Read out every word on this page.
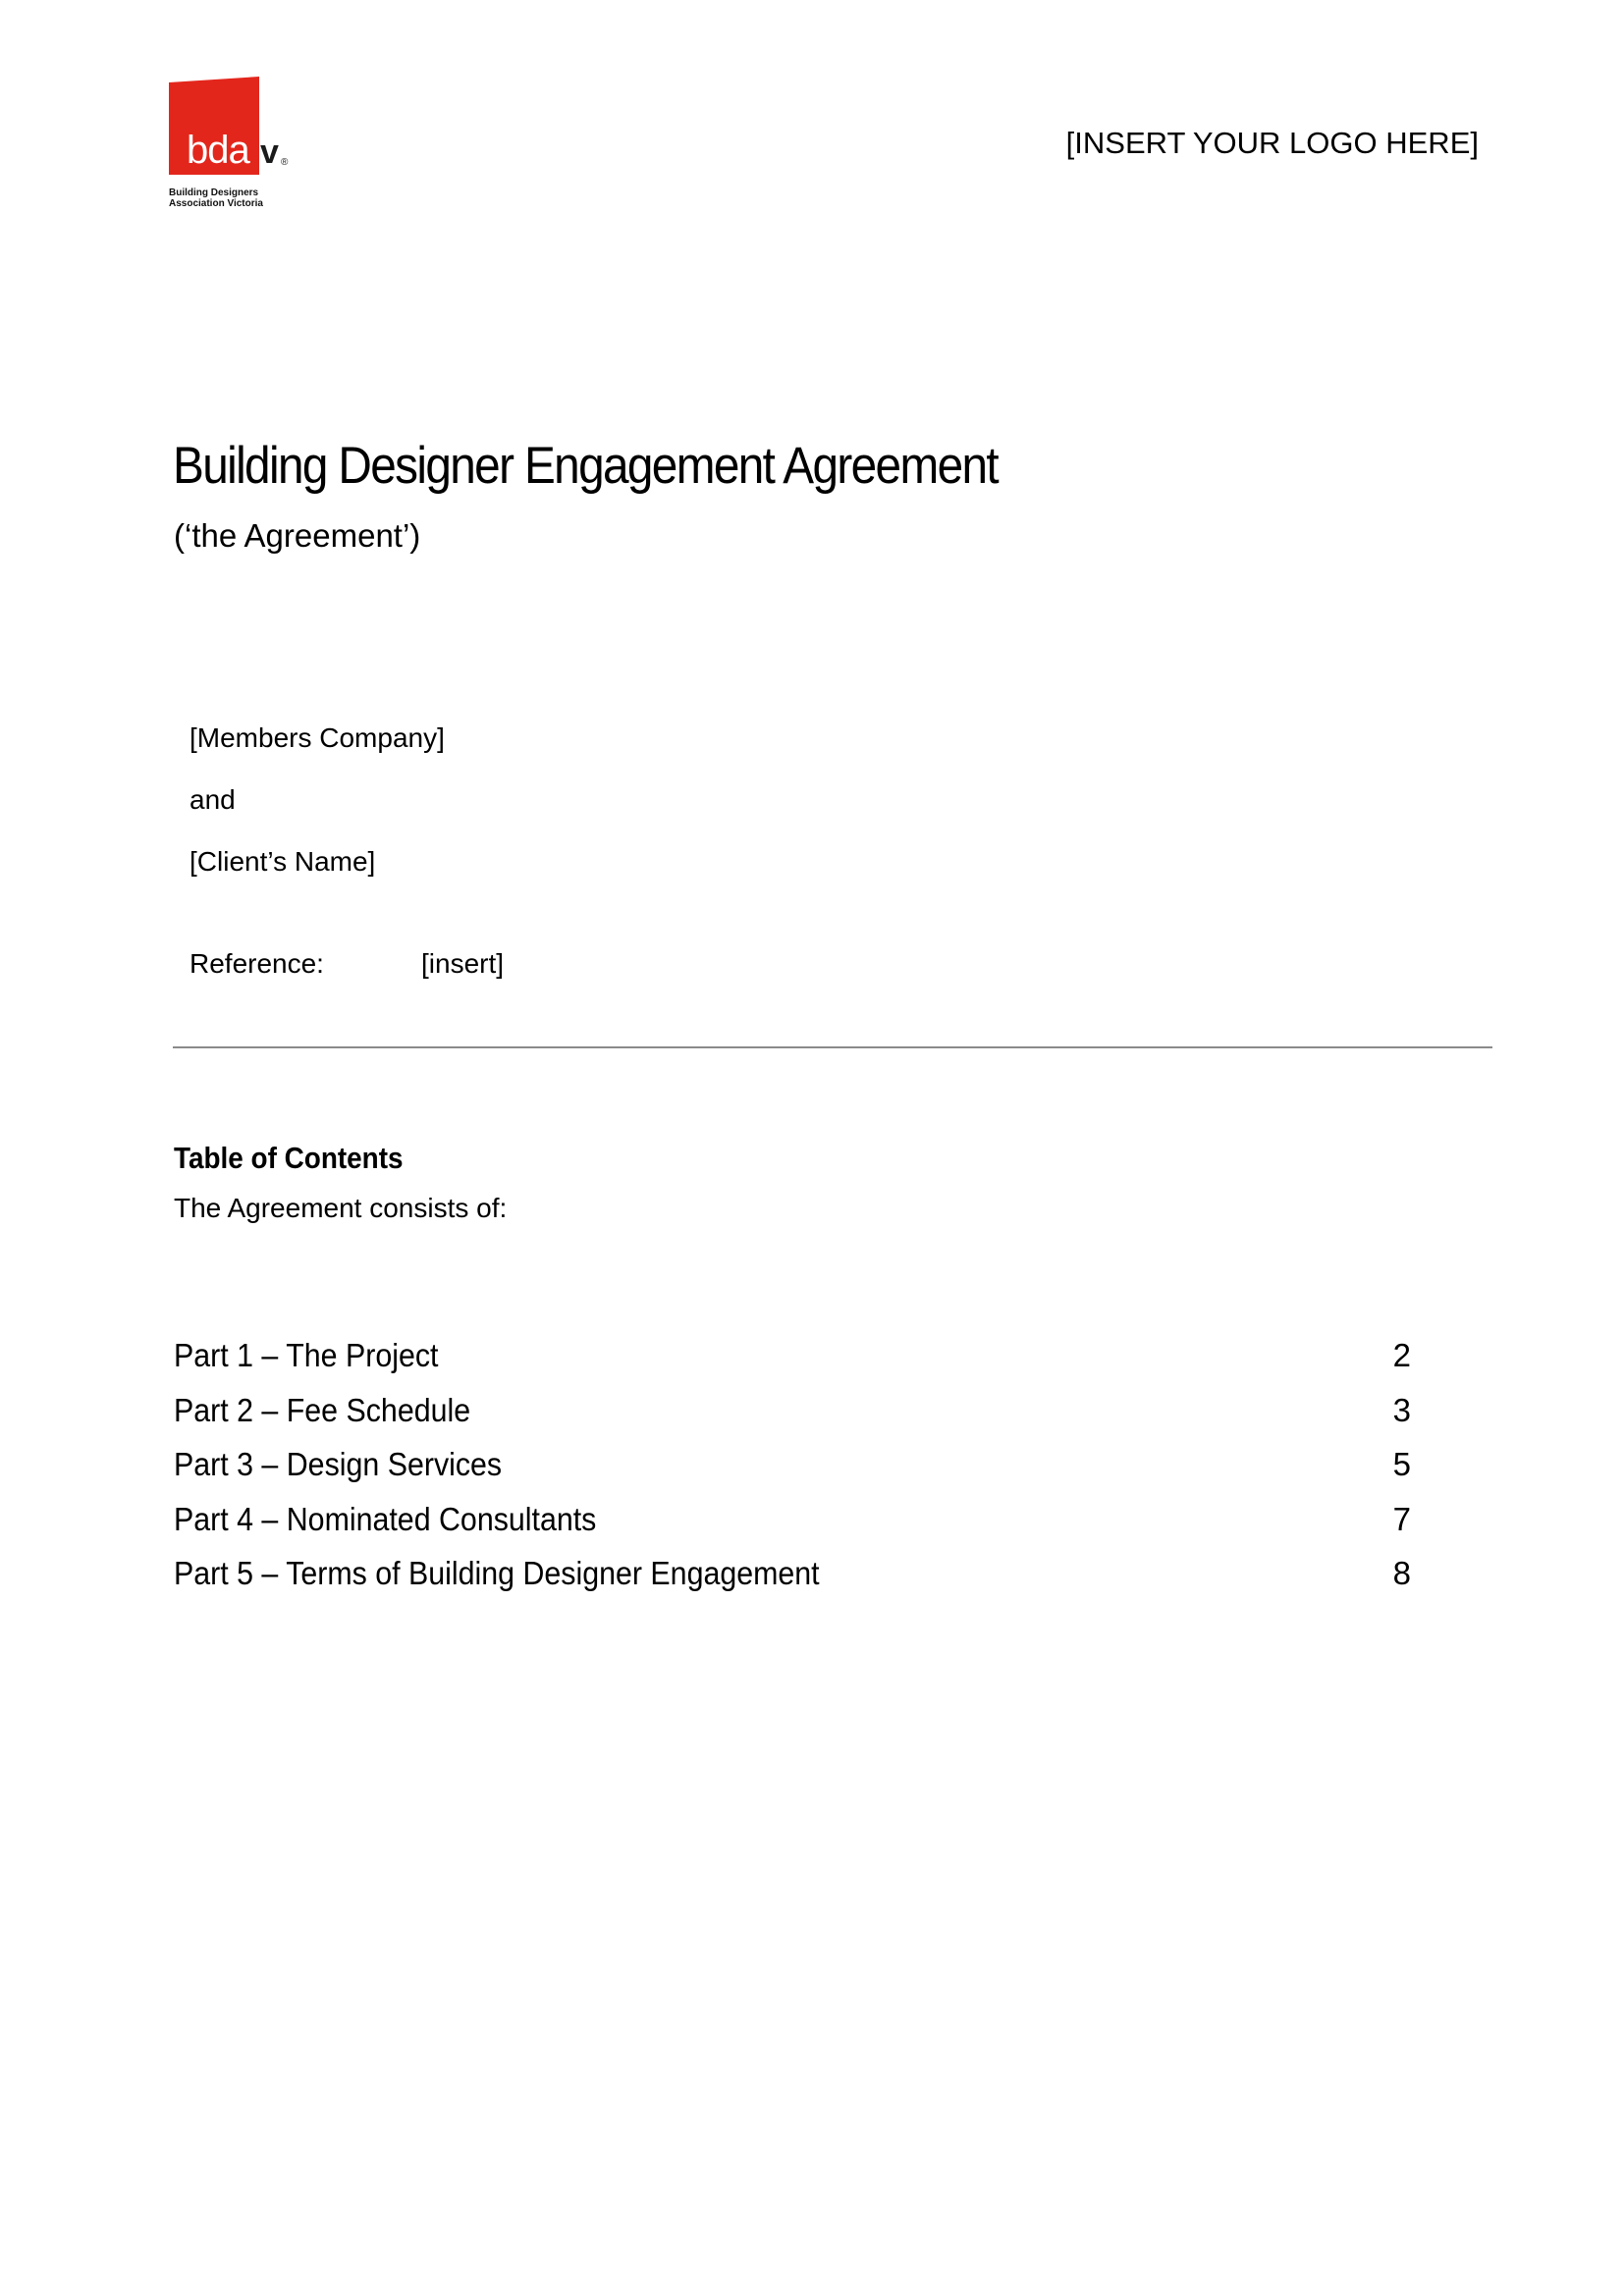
bda v ®
Building Designers
Association Victoria
[INSERT YOUR LOGO HERE]
Building Designer Engagement Agreement
(‘the Agreement’)
[Members Company]
and
[Client’s Name]
Reference:	[insert]
Table of Contents
The Agreement consists of:
Part 1 – The Project	2
Part 2 – Fee Schedule	3
Part 3 – Design Services	5
Part 4 – Nominated Consultants	7
Part 5 – Terms of Building Designer Engagement	8
